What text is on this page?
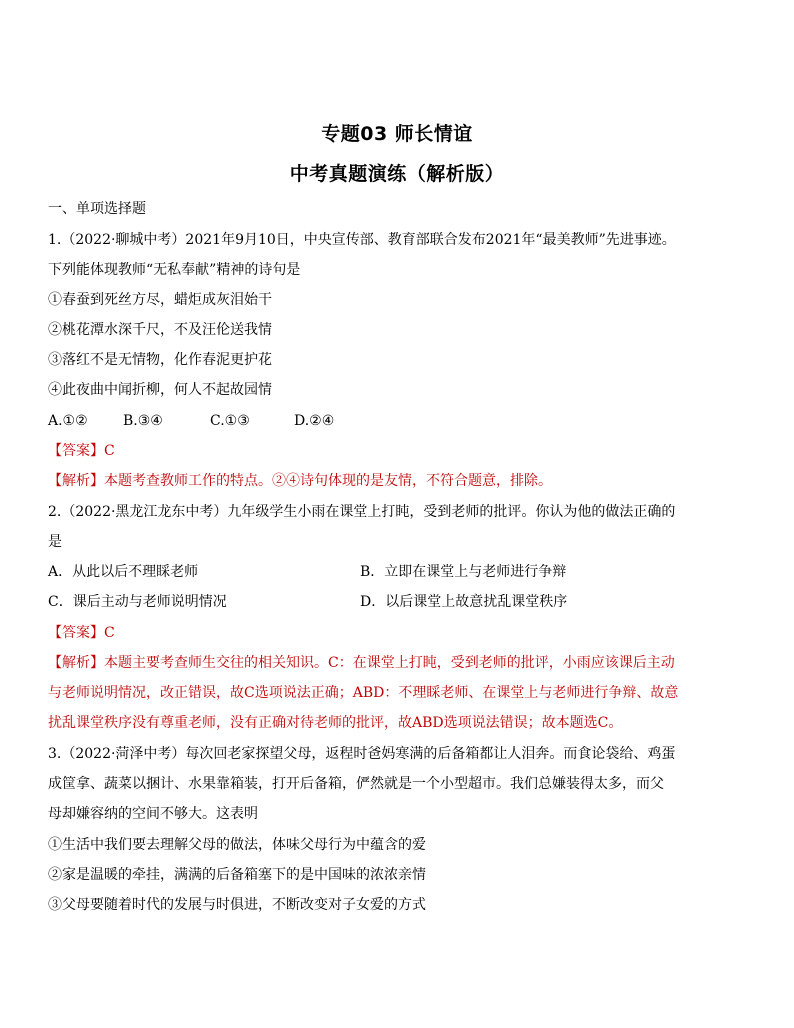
专题03 师长情谊
中考真题演练（解析版）
一、单项选择题
1.（2022·聊城中考）2021年9月10日，中央宣传部、教育部联合发布2021年“最美教师”先进事迹。
下列能体现教师“无私奉献”精神的诗句是
①春蚕到死丝方尽，蜡炬成灰泪始干
②桃花潭水深千尺，不及汪伦送我情
③落红不是无情物，化作春泥更护花
④此夜曲中闻折柳，何人不起故园情
A.①②	B.③④	C.①③	D.②④
【答案】C
【解析】本题考查教师工作的特点。②④诗句体现的是友情，不符合题意，排除。
2.（2022·黑龙江龙东中考）九年级学生小雨在课堂上打盹，受到老师的批评。你认为他的做法正确的
是
A．从此以后不理睬老师	B．立即在课堂上与老师进行争辩
C．课后主动与老师说明情况	D．以后课堂上故意扰乱课堂秩序
【答案】C
【解析】本题主要考查师生交往的相关知识。C：在课堂上打盹，受到老师的批评，小雨应该课后主动
与老师说明情况，改正错误，故C选项说法正确；ABD：不理睬老师、在课堂上与老师进行争辩、故意
扰乱课堂秩序没有尊重老师，没有正确对待老师的批评，故ABD选项说法错误；故本题选C。
3.（2022·菏泽中考）每次回老家探望父母，返程时爸妈寒满的后备箱都让人泪奔。而食论袋给、鸡蛋
成筐拿、蔬菜以捆计、水果靠箱装，打开后备箱，俨然就是一个小型超市。我们总嫌装得太多，而父
母却嫌容纳的空间不够大。这表明
①生活中我们要去理解父母的做法，体味父母行为中蕴含的爱
②家是温暖的牵挂，满满的后备箱塞下的是中国味的浓浓亲情
③父母要随着时代的发展与时俱进，不断改变对子女爱的方式
